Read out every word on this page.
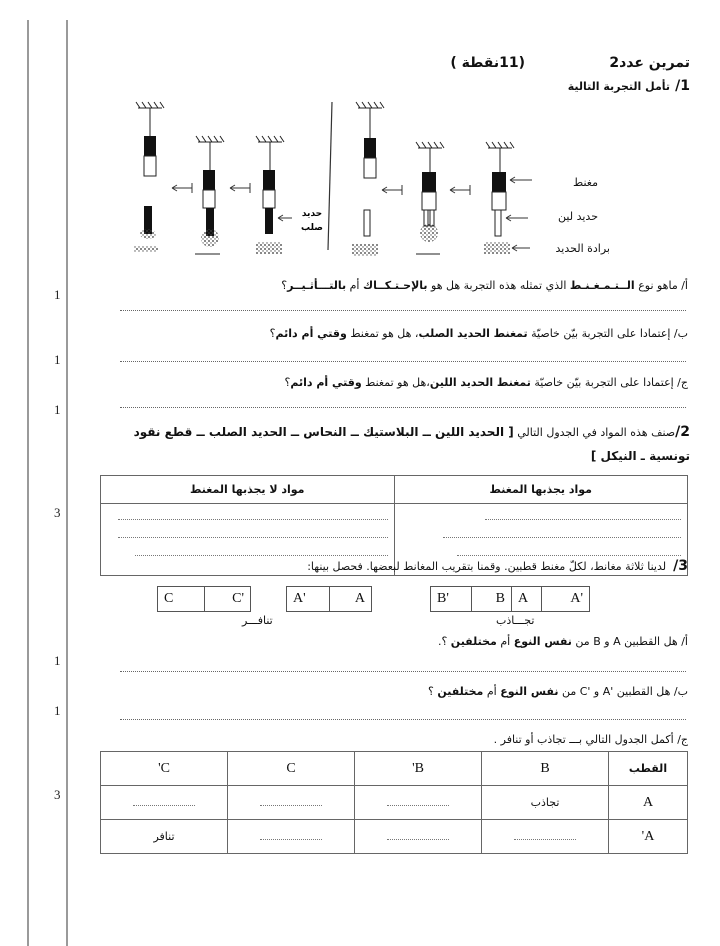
1
1
1
3
1
1
3
تمرين عدد2
(11نقطة )
1/ تأمل التجربة التالية
حديد
صلب
مغنط
حديد لين
برادة الحديد
أ/ ماهو نوع الــتـمـغـنـط الذي تمثله هذه التجربة هل هو بالإحـتـكــاك أم بالتـــأثـيــر؟
ب/ إعتمادا على التجربة بيّن خاصيّة تمغنط الحديد الصلب، هل هو تمغنط وقتي أم دائم؟
ج/ إعتمادا على التجربة بيّن خاصيّة تمغنط الحديد اللين،هل هو تمغنط وقتي أم دائم؟
2/صنف هذه المواد في الجدول التالي [ الحديد اللين ــ البلاستيك ــ النحاس ــ الحديد الصلب ــ قطع نقود تونسية ـ النيكل ]
مواد يجذبها المغنط	مواد لا يجذبها المغنط

3/  لدينا ثلاثة مغانط، لكلّ مغنط قطبين. وقمنا بتقريب المغانط لبعضها. فحصل بينها:
C	C'	A'	A
تنافـــر
B'	B A	A'
تجـــاذب
أ/ هل القطبين A و B من نفس النوع أم مختلفين ؟.
ب/ هل القطبين 'A و 'C من نفس النوع أم مختلفين ؟
ج/ أكمل الجدول التالي بـــ تجاذب أو تنافر .
القطب	B	B'	C	C'
A	تجاذب			
A'				تنافر
